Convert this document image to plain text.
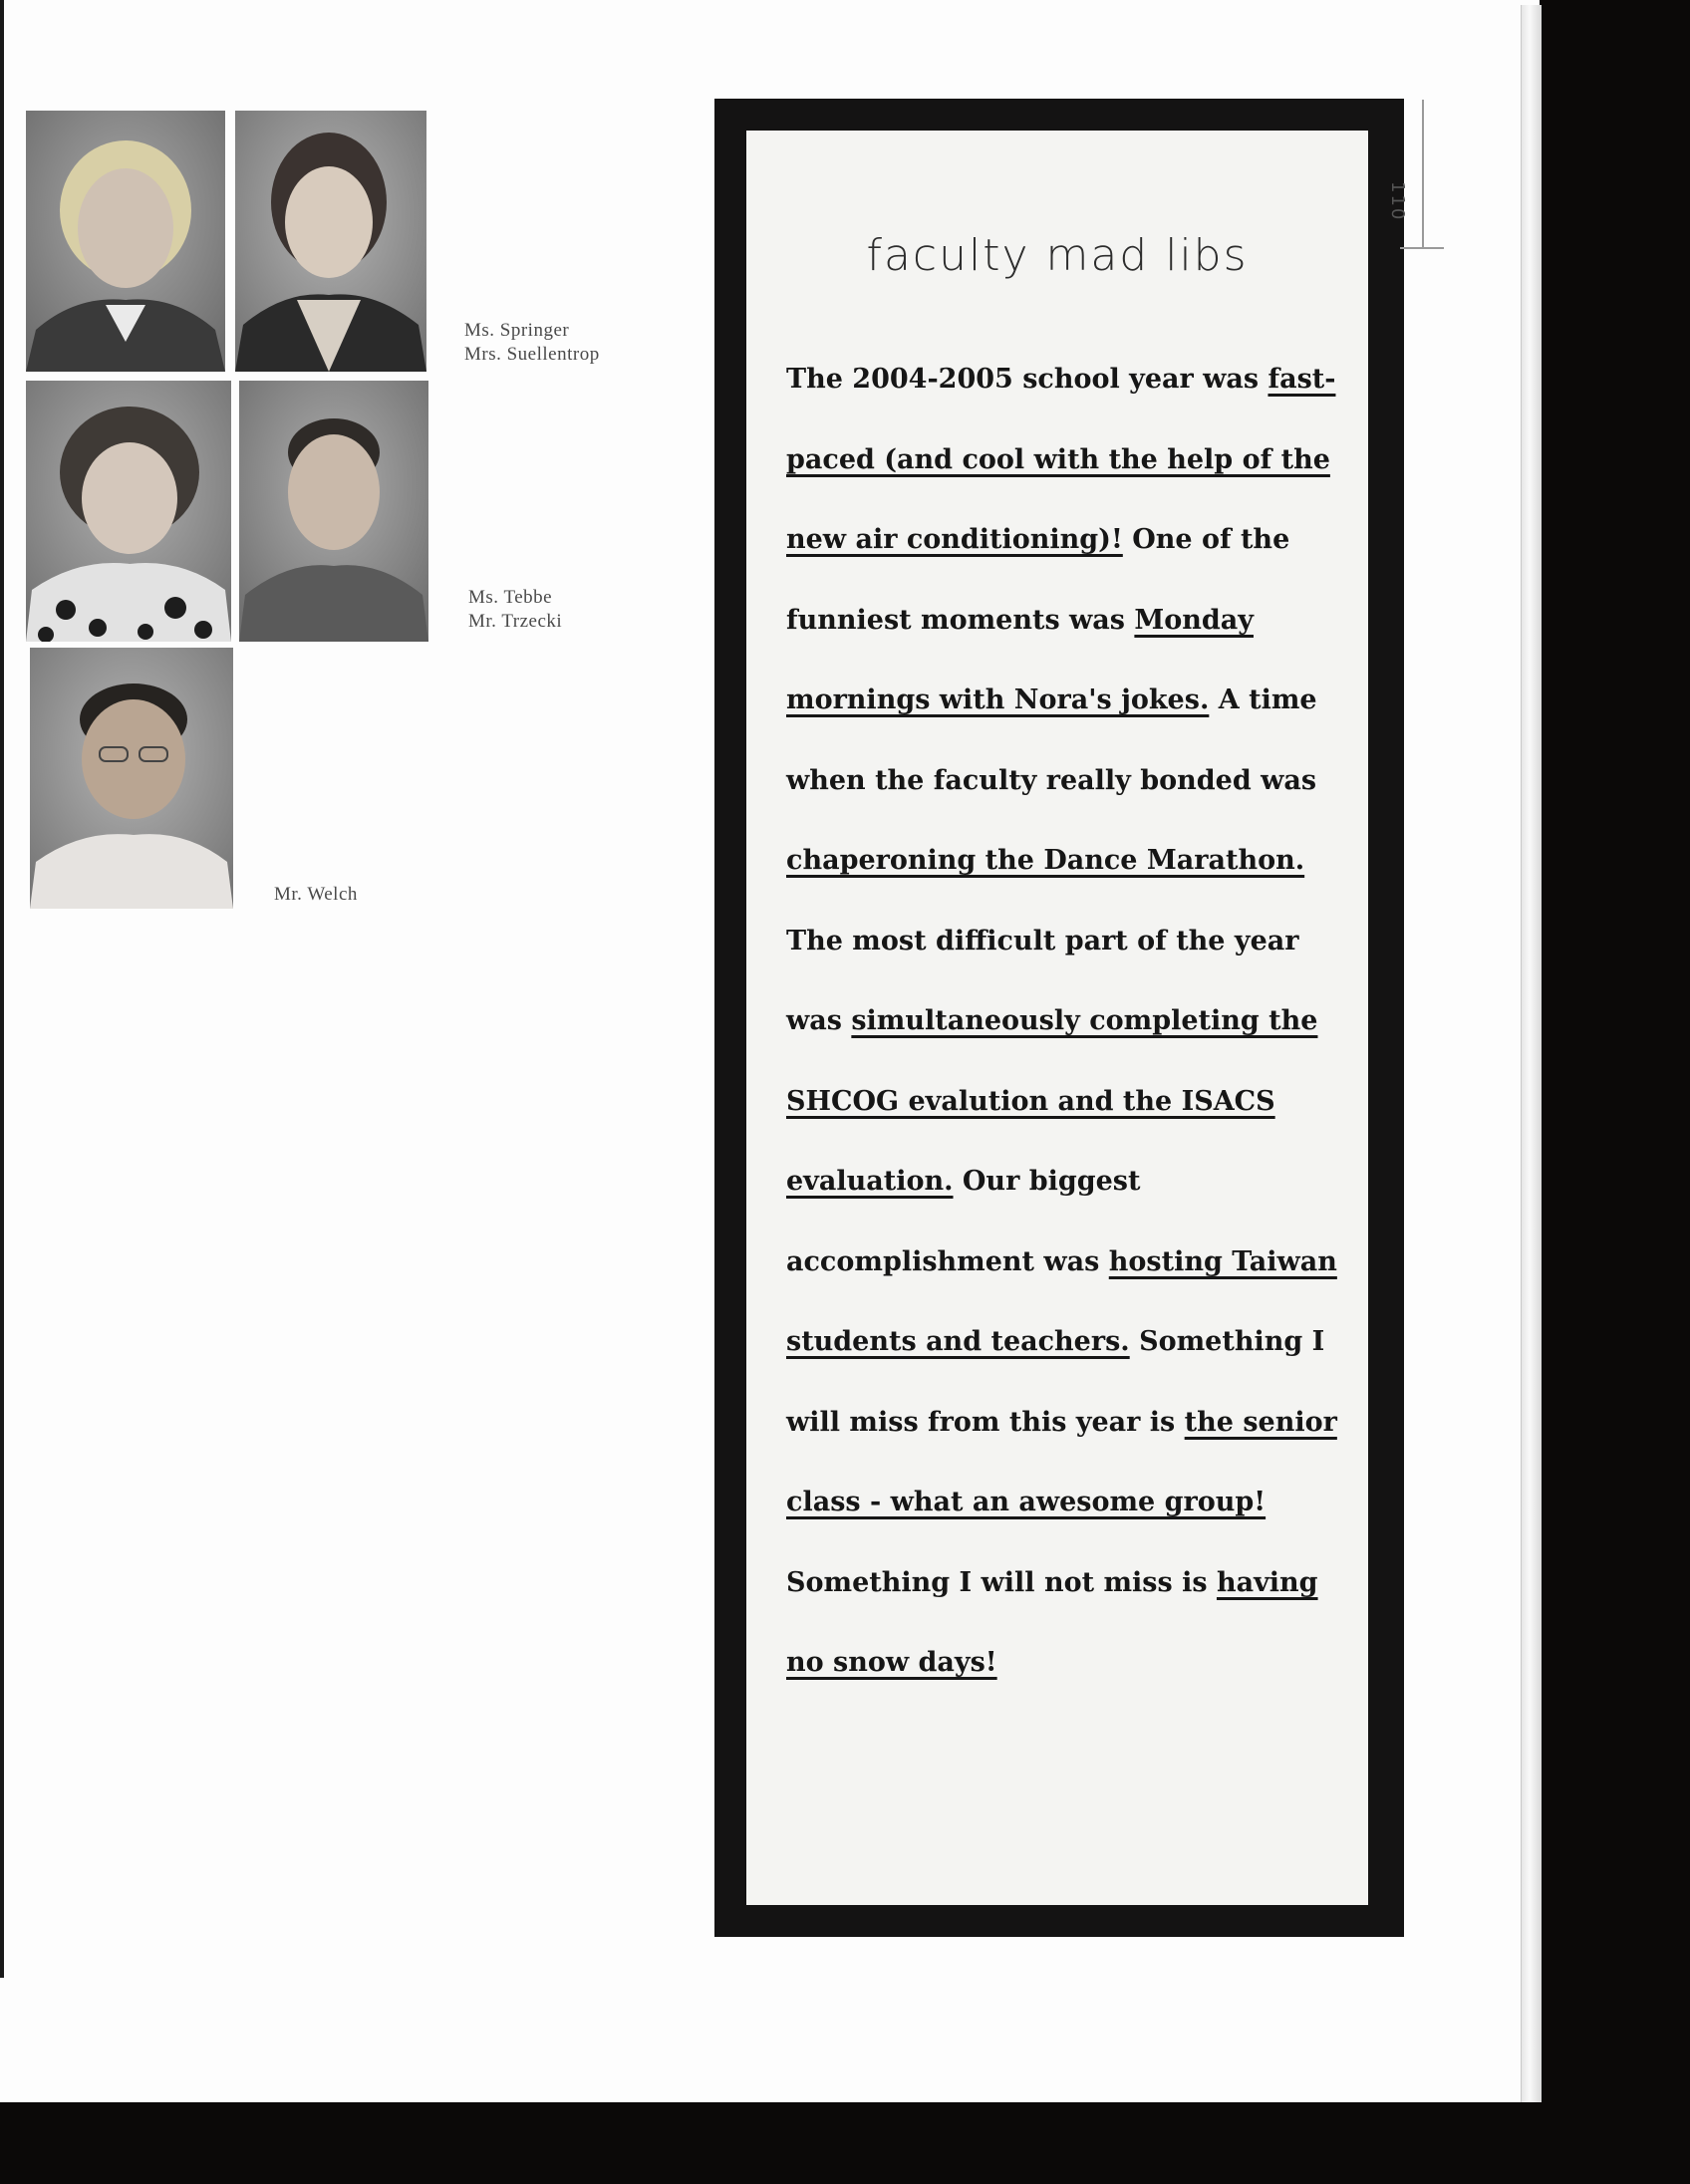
Ms. Springer
Mrs. Suellentrop
Ms. Tebbe
Mr. Trzecki
Mr. Welch
faculty mad libs
The 2004-2005 school year was fast-paced (and cool with the help of the new air conditioning)! One of the funniest moments was Monday mornings with Nora's jokes. A time when the faculty really bonded was chaperoning the Dance Marathon. The most difficult part of the year was simultaneously completing the SHCOG evalution and the ISACS evaluation. Our biggest accomplishment was hosting Taiwan students and teachers. Something I will miss from this year is the senior class - what an awesome group! Something I will not miss is having no snow days!
110
